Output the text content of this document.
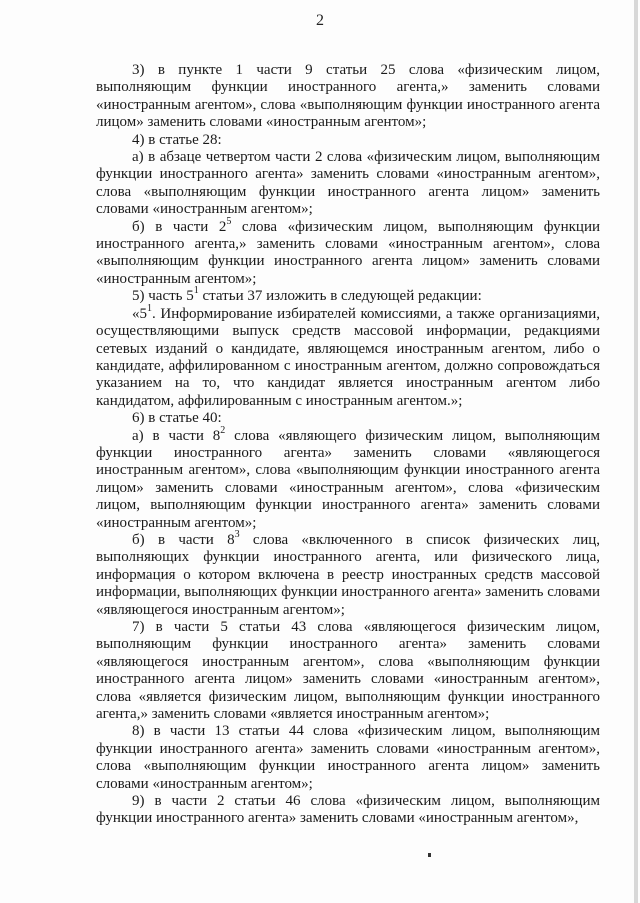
2

3) в пункте 1 части 9 статьи 25 слова «физическим лицом, выполняющим функции иностранного агента,» заменить словами «иностранным агентом», слова «выполняющим функции иностранного агента лицом» заменить словами «иностранным агентом»;

4) в статье 28:

а) в абзаце четвертом части 2 слова «физическим лицом, выполняющим функции иностранного агента» заменить словами «иностранным агентом», слова «выполняющим функции иностранного агента лицом» заменить словами «иностранным агентом»;

б) в части $2^5$ слова «физическим лицом, выполняющим функции иностранного агента,» заменить словами «иностранным агентом», слова «выполняющим функции иностранного агента лицом» заменить словами «иностранным агентом»;

5) часть $5^1$ статьи 37 изложить в следующей редакции:

«$5^1$. Информирование избирателей комиссиями, а также организациями, осуществляющими выпуск средств массовой информации, редакциями сетевых изданий о кандидате, являющемся иностранным агентом, либо о кандидате, аффилированном с иностранным агентом, должно сопровождаться указанием на то, что кандидат является иностранным агентом либо кандидатом, аффилированным с иностранным агентом.»;

6) в статье 40:

а) в части $8^2$ слова «являющего физическим лицом, выполняющим функции иностранного агента» заменить словами «являющегося иностранным агентом», слова «выполняющим функции иностранного агента лицом» заменить словами «иностранным агентом», слова «физическим лицом, выполняющим функции иностранного агента» заменить словами «иностранным агентом»;

б) в части $8^3$ слова «включенного в список физических лиц, выполняющих функции иностранного агента, или физического лица, информация о котором включена в реестр иностранных средств массовой информации, выполняющих функции иностранного агента» заменить словами «являющегося иностранным агентом»;

7) в части 5 статьи 43 слова «являющегося физическим лицом, выполняющим функции иностранного агента» заменить словами «являющегося иностранным агентом», слова «выполняющим функции иностранного агента лицом» заменить словами «иностранным агентом», слова «является физическим лицом, выполняющим функции иностранного агента,» заменить словами «является иностранным агентом»;

8) в части 13 статьи 44 слова «физическим лицом, выполняющим функции иностранного агента» заменить словами «иностранным агентом», слова «выполняющим функции иностранного агента лицом» заменить словами «иностранным агентом»;

9) в части 2 статьи 46 слова «физическим лицом, выполняющим функции иностранного агента» заменить словами «иностранным агентом»,
